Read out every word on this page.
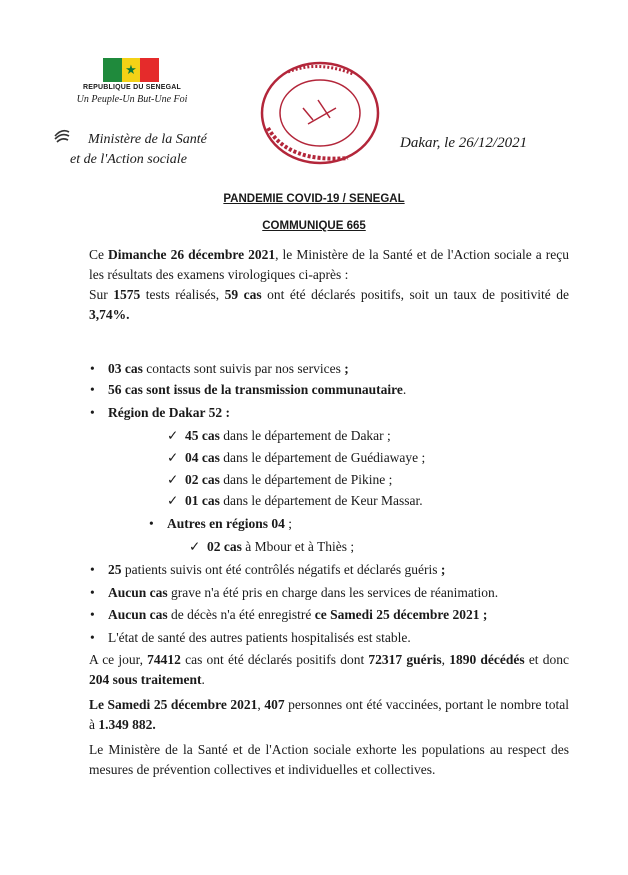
★
REPUBLIQUE DU SENEGAL
Un Peuple-Un But-Une Foi
Ministère de la Santé
et de l'Action sociale
Dakar, le 26/12/2021
PANDEMIE COVID-19 / SENEGAL
COMMUNIQUE 665

Ce Dimanche 26 décembre 2021, le Ministère de la Santé et de l'Action sociale a reçu les résultats des examens virologiques ci-après :

Sur 1575 tests réalisés, 59 cas ont été déclarés positifs, soit un taux de positivité de 3,74%.

• 03 cas contacts sont suivis par nos services ;
• 56 cas sont issus de la transmission communautaire.
• Région de Dakar 52 :
✓ 45 cas dans le département de Dakar ;
✓ 04 cas dans le département de Guédiawaye ;
✓ 02 cas dans le département de Pikine ;
✓ 01 cas dans le département de Keur Massar.
• Autres en régions 04 ;
✓ 02 cas à Mbour et à Thiès ;
• 25 patients suivis ont été contrôlés négatifs et déclarés guéris ;
• Aucun cas grave n'a été pris en charge dans les services de réanimation.
• Aucun cas de décès n'a été enregistré ce Samedi 25 décembre 2021 ;
• L'état de santé des autres patients hospitalisés est stable.

A ce jour, 74412 cas ont été déclarés positifs dont 72317 guéris, 1890 décédés et donc 204 sous traitement.

Le Samedi 25 décembre 2021, 407 personnes ont été vaccinées, portant le nombre total à 1.349 882.

Le Ministère de la Santé et de l'Action sociale exhorte les populations au respect des mesures de prévention collectives et individuelles et collectives.
